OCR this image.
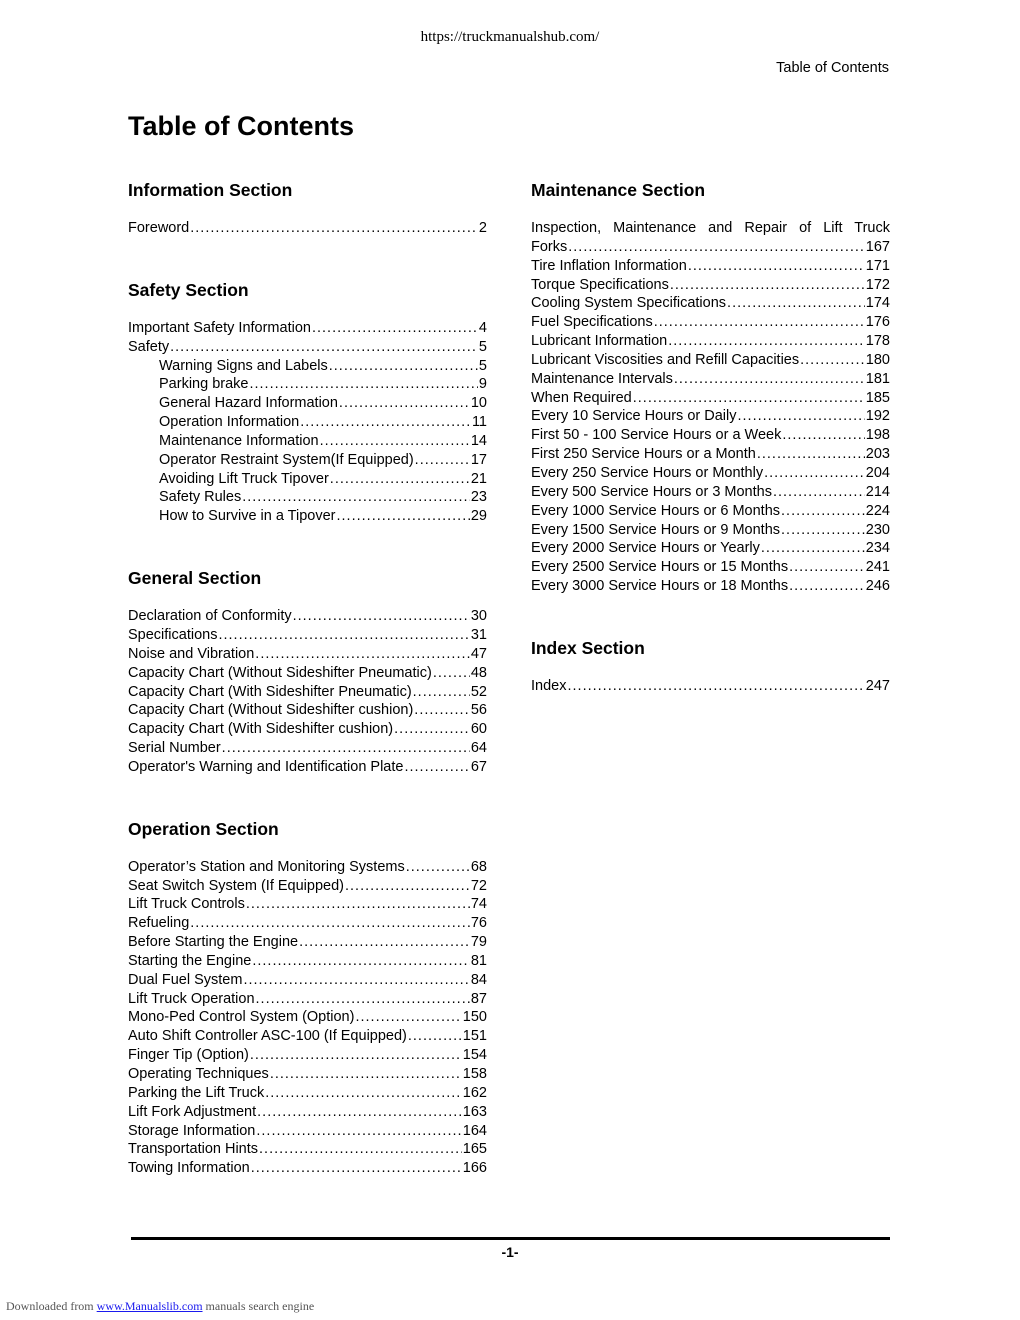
https://truckmanualshub.com/
Table of Contents
Table of Contents
Information Section
Foreword .....	2
Safety Section
Important Safety Information .....	4
Safety .....	5
Warning Signs and Labels .....	5
Parking brake .....	9
General Hazard Information .....	10
Operation Information .....	11
Maintenance Information .....	14
Operator Restraint System(If Equipped) .....	17
Avoiding Lift Truck Tipover .....	21
Safety Rules .....	23
How to Survive in a Tipover .....	29
General Section
Declaration of Conformity .....	30
Specifications .....	31
Noise and Vibration .....	47
Capacity Chart (Without Sideshifter Pneumatic) .....	48
Capacity Chart (With Sideshifter Pneumatic) .....	52
Capacity Chart (Without Sideshifter cushion) .....	56
Capacity Chart (With Sideshifter cushion) .....	60
Serial Number .....	64
Operator's Warning and Identification Plate .....	67
Operation Section
Operator’s Station and Monitoring Systems .....	68
Seat Switch System (If Equipped) .....	72
Lift Truck Controls .....	74
Refueling .....	76
Before Starting the Engine .....	79
Starting the Engine .....	81
Dual Fuel System .....	84
Lift Truck Operation .....	87
Mono-Ped Control System (Option) .....	150
Auto Shift Controller ASC-100 (If Equipped) .....	151
Finger Tip (Option) .....	154
Operating Techniques .....	158
Parking the Lift Truck .....	162
Lift Fork Adjustment .....	163
Storage Information .....	164
Transportation Hints .....	165
Towing Information .....	166
Maintenance Section
Inspection, Maintenance and Repair of Lift Truck
Forks .....	167
Tire Inflation Information .....	171
Torque Specifications .....	172
Cooling System Specifications .....	174
Fuel Specifications .....	176
Lubricant Information .....	178
Lubricant Viscosities and Refill Capacities .....	180
Maintenance Intervals .....	181
When Required .....	185
Every 10 Service Hours or Daily .....	192
First 50 - 100 Service Hours or a Week .....	198
First 250 Service Hours or a Month .....	203
Every 250 Service Hours or Monthly .....	204
Every 500 Service Hours or 3 Months .....	214
Every 1000 Service Hours or 6 Months .....	224
Every 1500 Service Hours or 9 Months .....	230
Every 2000 Service Hours or Yearly .....	234
Every 2500 Service Hours or 15 Months .....	241
Every 3000 Service Hours or 18 Months .....	246
Index Section
Index .....	247
-1-
Downloaded from www.Manualslib.com manuals search engine
